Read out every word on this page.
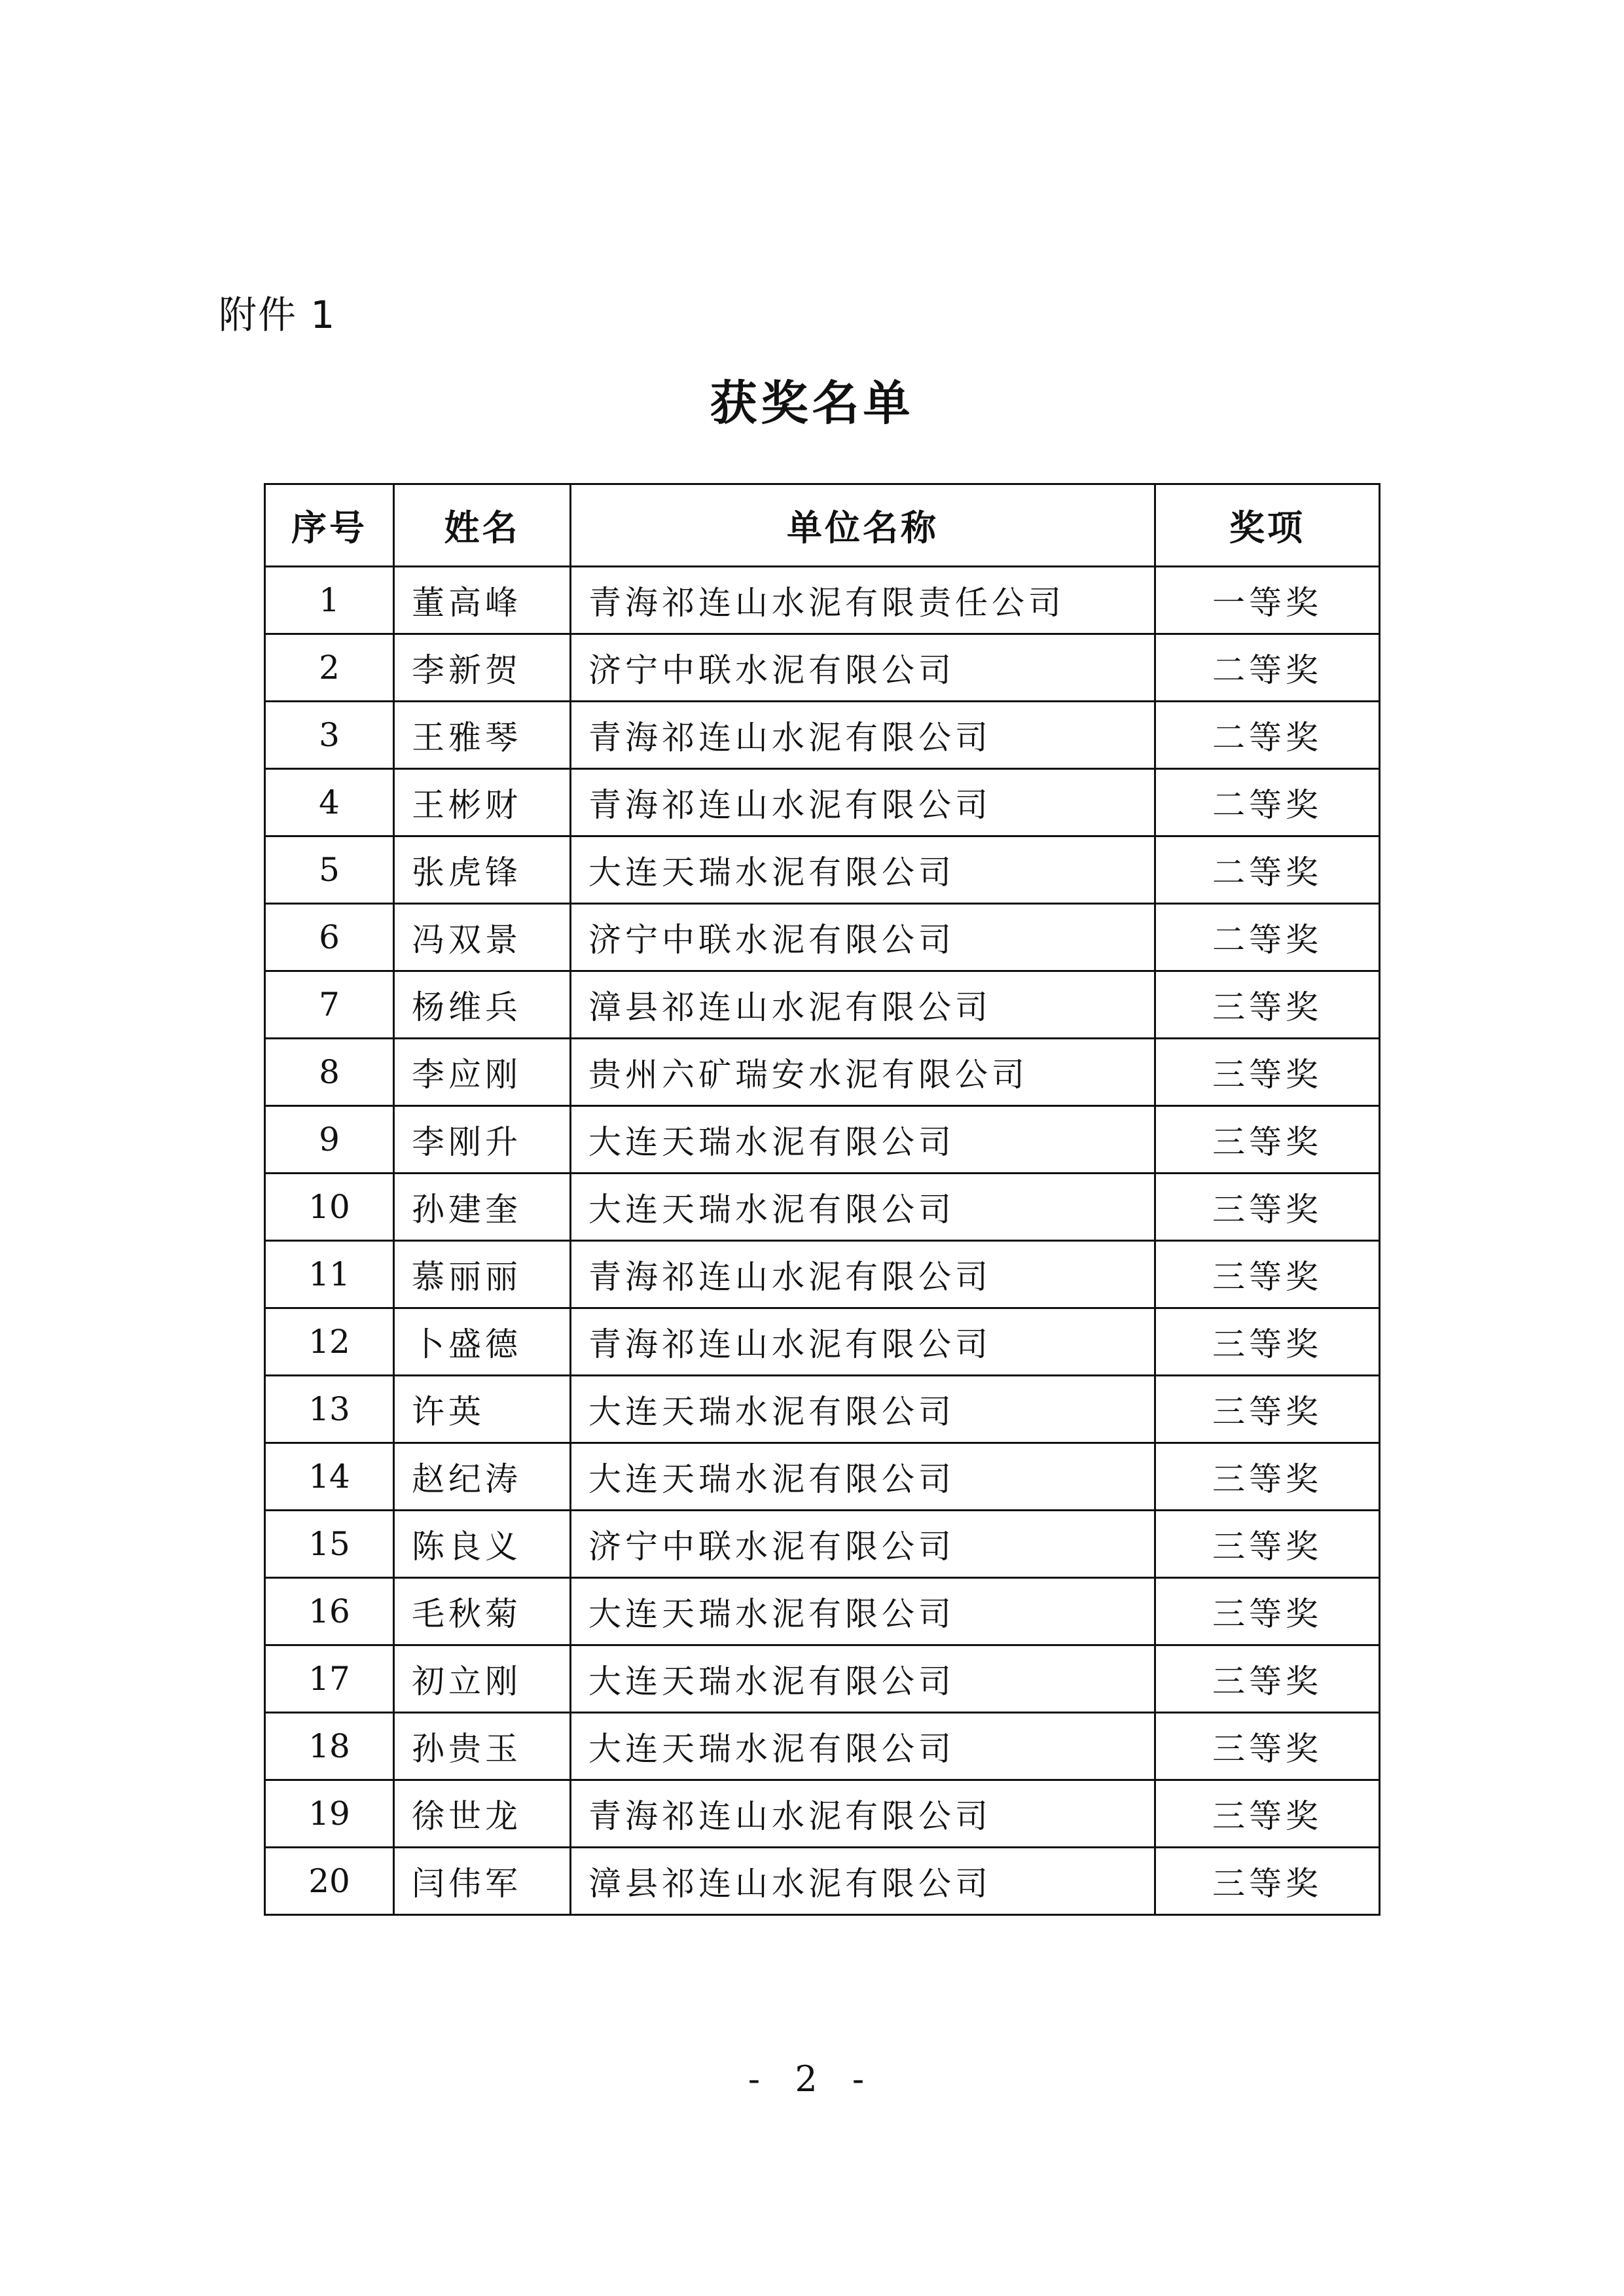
附件 1
获奖名单
序号	姓名	单位名称	奖项
1	董高峰	青海祁连山水泥有限责任公司	一等奖
2	李新贺	济宁中联水泥有限公司	二等奖
3	王雅琴	青海祁连山水泥有限公司	二等奖
4	王彬财	青海祁连山水泥有限公司	二等奖
5	张虎锋	大连天瑞水泥有限公司	二等奖
6	冯双景	济宁中联水泥有限公司	二等奖
7	杨维兵	漳县祁连山水泥有限公司	三等奖
8	李应刚	贵州六矿瑞安水泥有限公司	三等奖
9	李刚升	大连天瑞水泥有限公司	三等奖
10	孙建奎	大连天瑞水泥有限公司	三等奖
11	慕丽丽	青海祁连山水泥有限公司	三等奖
12	卜盛德	青海祁连山水泥有限公司	三等奖
13	许英	大连天瑞水泥有限公司	三等奖
14	赵纪涛	大连天瑞水泥有限公司	三等奖
15	陈良义	济宁中联水泥有限公司	三等奖
16	毛秋菊	大连天瑞水泥有限公司	三等奖
17	初立刚	大连天瑞水泥有限公司	三等奖
18	孙贵玉	大连天瑞水泥有限公司	三等奖
19	徐世龙	青海祁连山水泥有限公司	三等奖
20	闫伟军	漳县祁连山水泥有限公司	三等奖
- 2 -
